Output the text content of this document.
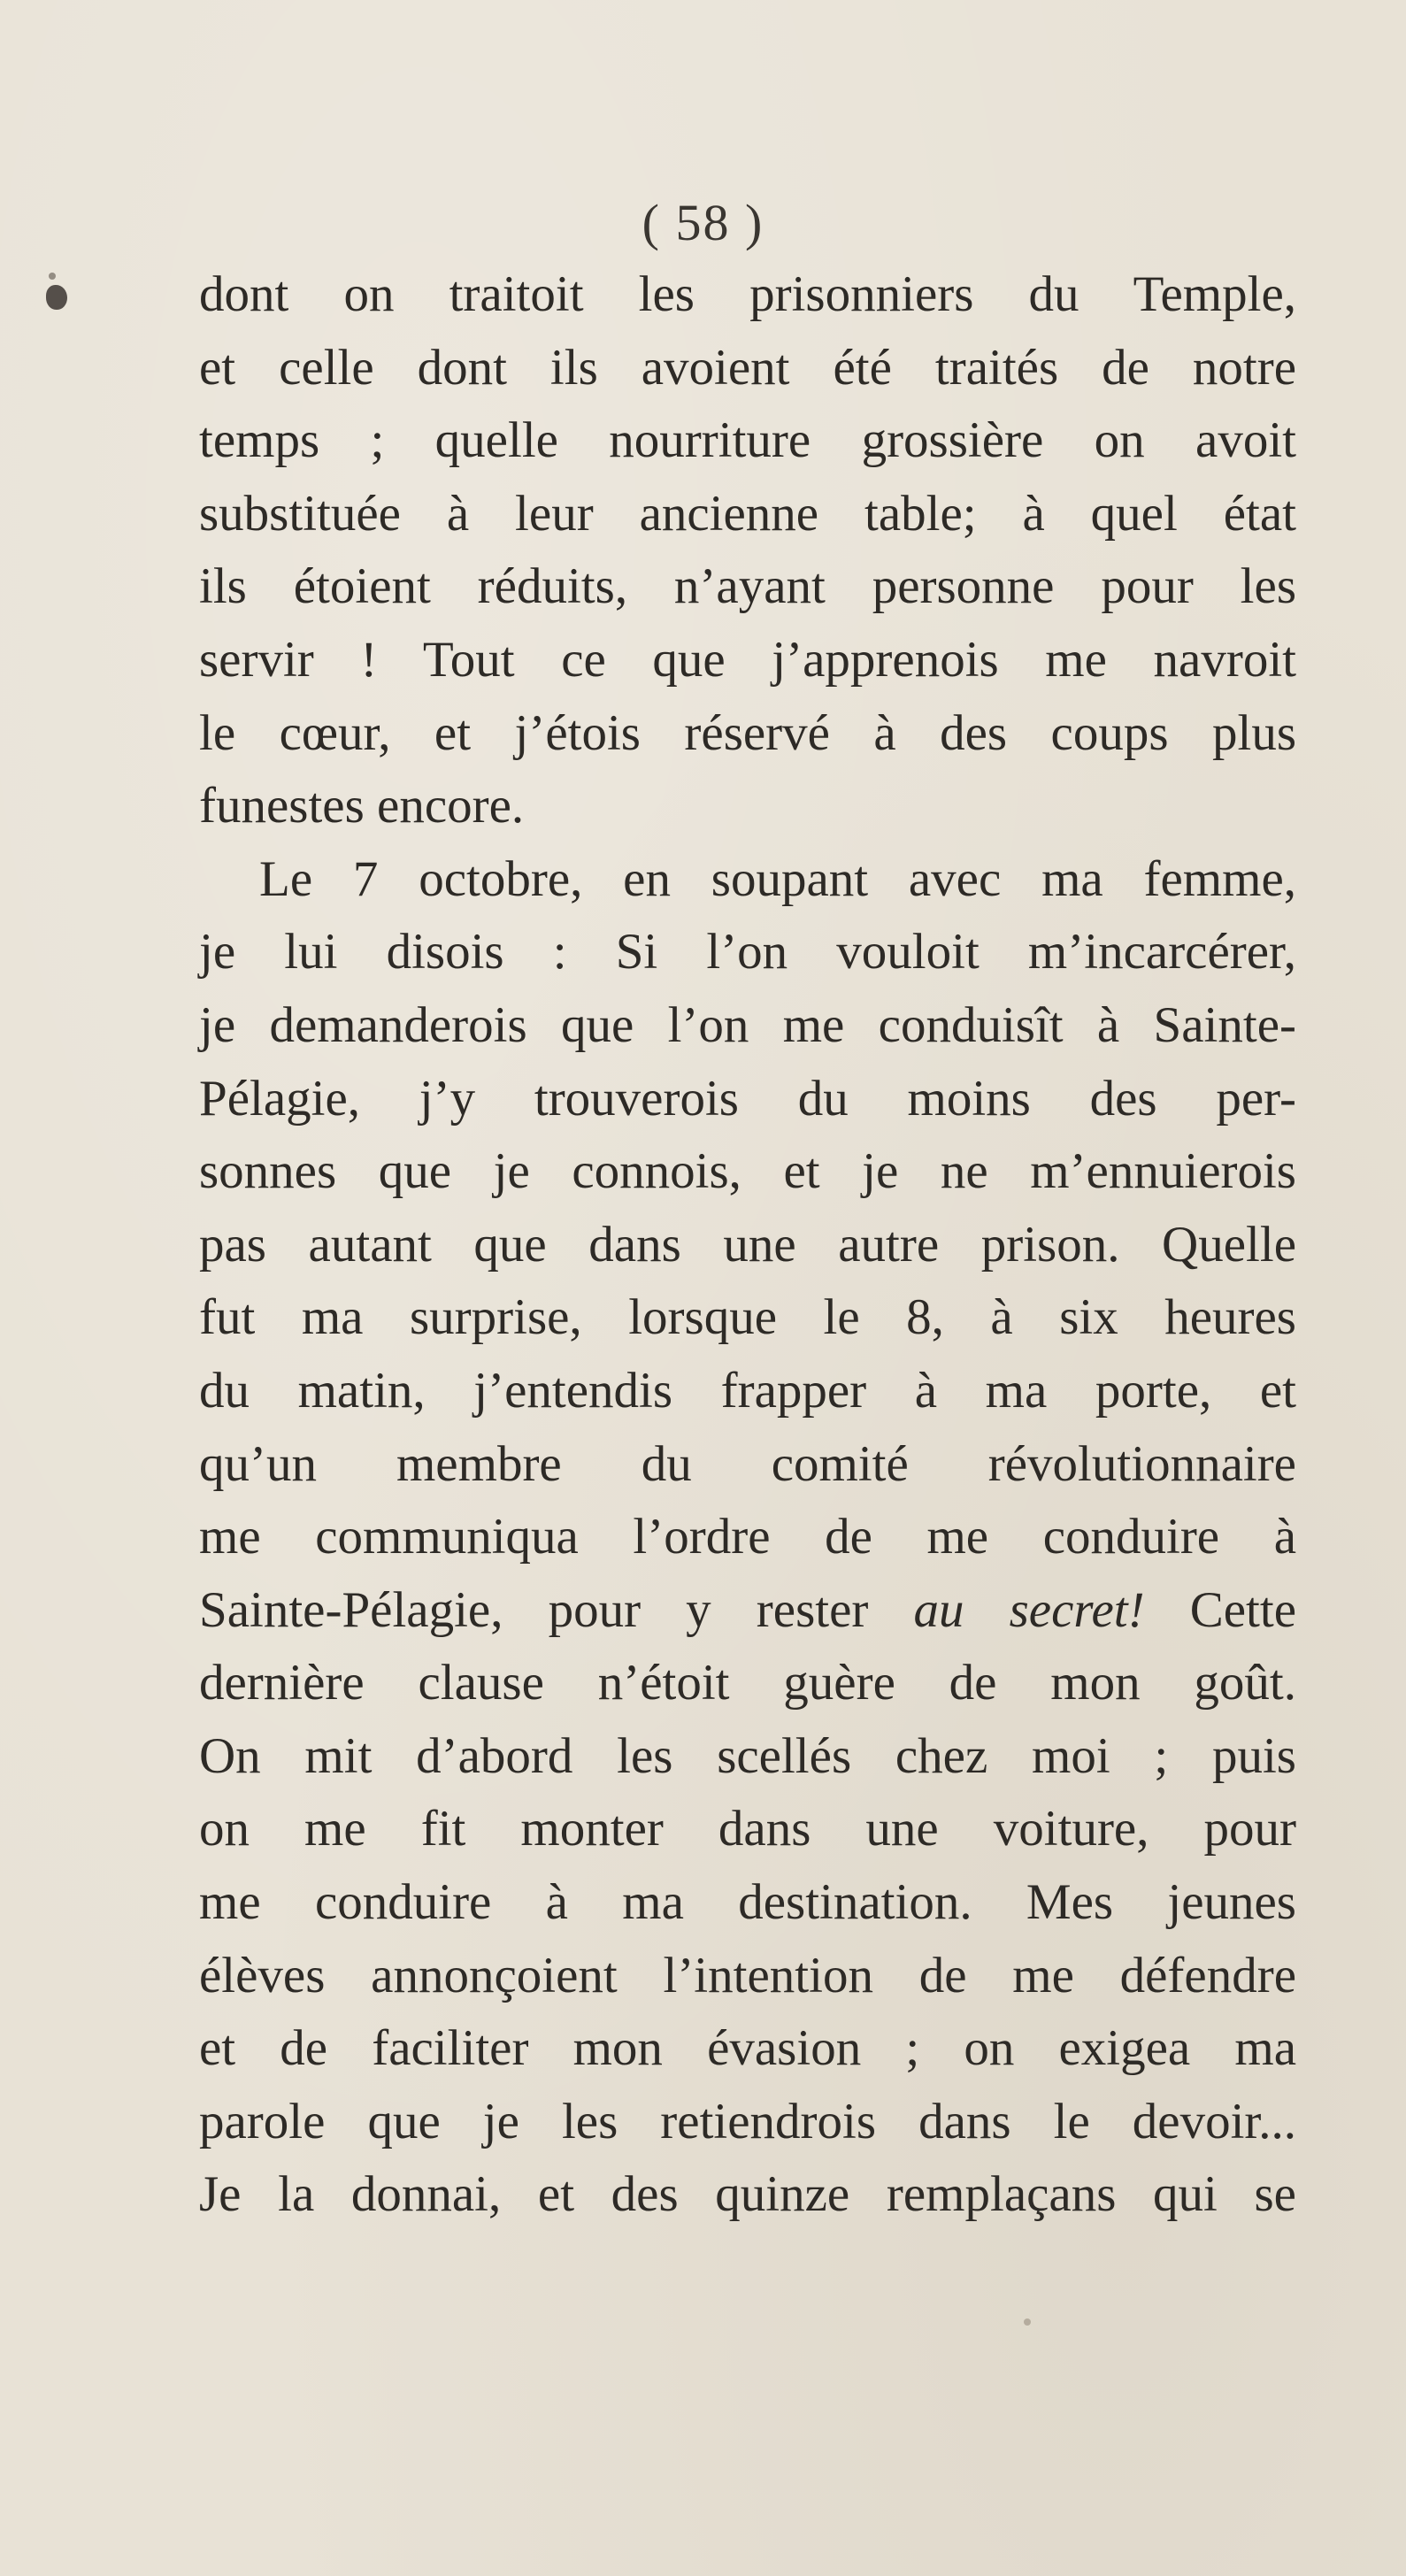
( 58 )
dont on traitoit les prisonniers du Temple,
et celle dont ils avoient été traités de notre
temps ; quelle nourriture grossière on avoit
substituée à leur ancienne table; à quel état
ils étoient réduits, n’ayant personne pour les
servir ! Tout ce que j’apprenois me navroit
le cœur, et j’étois réservé à des coups plus
funestes encore.
Le 7 octobre, en soupant avec ma femme,
je lui disois : Si l’on vouloit m’incarcérer,
je demanderois que l’on me conduisît à Sainte-
Pélagie, j’y trouverois du moins des per-
sonnes que je connois, et je ne m’ennuierois
pas autant que dans une autre prison. Quelle
fut ma surprise, lorsque le 8, à six heures
du matin, j’entendis frapper à ma porte, et
qu’un membre du comité révolutionnaire
me communiqua l’ordre de me conduire à
Sainte-Pélagie, pour y rester au secret! Cette
dernière clause n’étoit guère de mon goût.
On mit d’abord les scellés chez moi ; puis
on me fit monter dans une voiture, pour
me conduire à ma destination. Mes jeunes
élèves annonçoient l’intention de me défendre
et de faciliter mon évasion ; on exigea ma
parole que je les retiendrois dans le devoir...
Je la donnai, et des quinze remplaçans qui se
